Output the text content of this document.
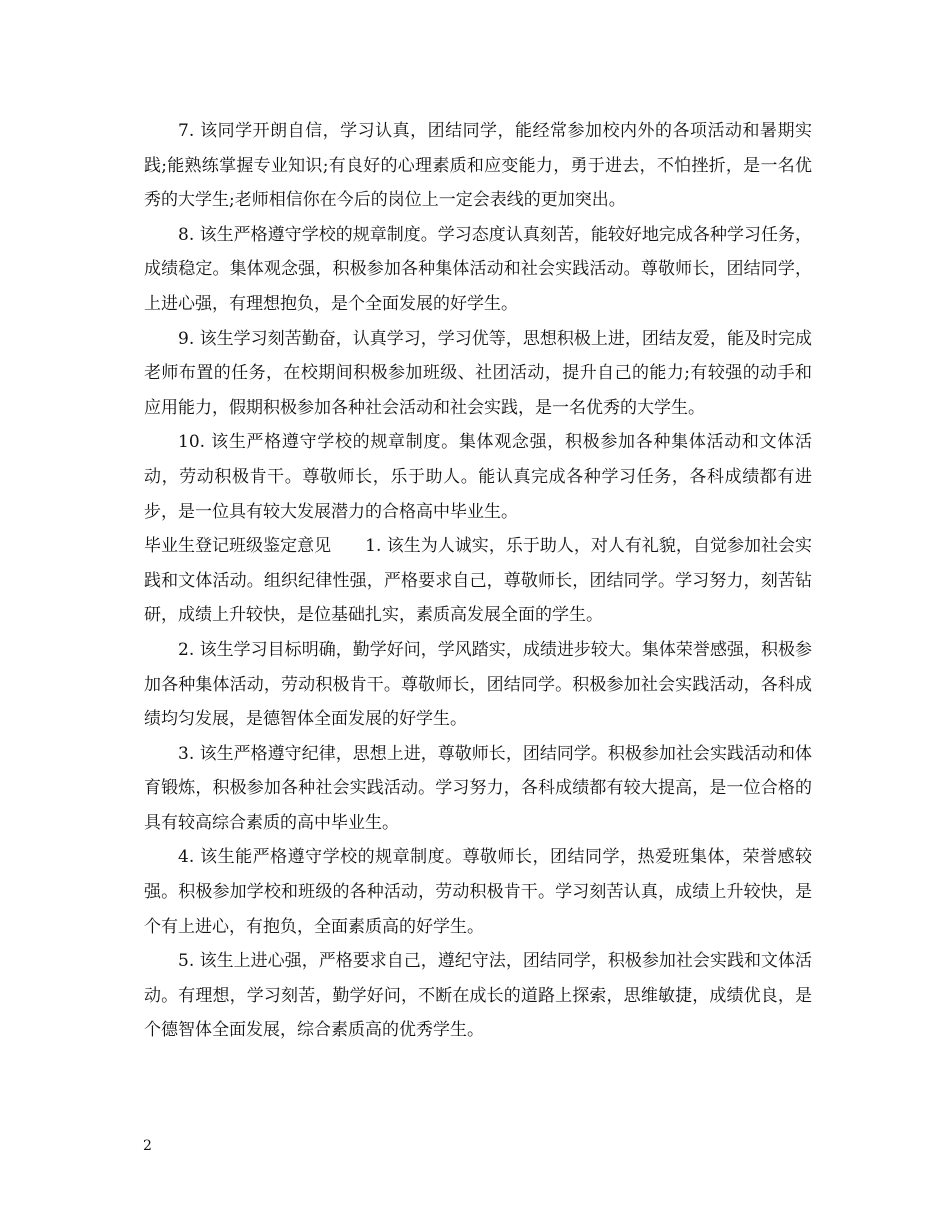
7. 该同学开朗自信，学习认真，团结同学，能经常参加校内外的各项活动和暑期实践;能熟练掌握专业知识;有良好的心理素质和应变能力，勇于进去，不怕挫折，是一名优秀的大学生;老师相信你在今后的岗位上一定会表线的更加突出。

8. 该生严格遵守学校的规章制度。学习态度认真刻苦，能较好地完成各种学习任务，成绩稳定。集体观念强，积极参加各种集体活动和社会实践活动。尊敬师长，团结同学，上进心强，有理想抱负，是个全面发展的好学生。

9. 该生学习刻苦勤奋，认真学习，学习优等，思想积极上进，团结友爱，能及时完成老师布置的任务，在校期间积极参加班级、社团活动，提升自己的能力;有较强的动手和应用能力，假期积极参加各种社会活动和社会实践，是一名优秀的大学生。

10. 该生严格遵守学校的规章制度。集体观念强，积极参加各种集体活动和文体活动，劳动积极肯干。尊敬师长，乐于助人。能认真完成各种学习任务，各科成绩都有进步，是一位具有较大发展潜力的合格高中毕业生。

毕业生登记班级鉴定意见　　1. 该生为人诚实，乐于助人，对人有礼貌，自觉参加社会实践和文体活动。组织纪律性强，严格要求自己，尊敬师长，团结同学。学习努力，刻苦钻研，成绩上升较快，是位基础扎实，素质高发展全面的学生。

2. 该生学习目标明确，勤学好问，学风踏实，成绩进步较大。集体荣誉感强，积极参加各种集体活动，劳动积极肯干。尊敬师长，团结同学。积极参加社会实践活动，各科成绩均匀发展，是德智体全面发展的好学生。

3. 该生严格遵守纪律，思想上进，尊敬师长，团结同学。积极参加社会实践活动和体育锻炼，积极参加各种社会实践活动。学习努力，各科成绩都有较大提高，是一位合格的具有较高综合素质的高中毕业生。

4. 该生能严格遵守学校的规章制度。尊敬师长，团结同学，热爱班集体，荣誉感较强。积极参加学校和班级的各种活动，劳动积极肯干。学习刻苦认真，成绩上升较快，是个有上进心，有抱负，全面素质高的好学生。

5. 该生上进心强，严格要求自己，遵纪守法，团结同学，积极参加社会实践和文体活动。有理想，学习刻苦，勤学好问，不断在成长的道路上探索，思维敏捷，成绩优良，是个德智体全面发展，综合素质高的优秀学生。

2
